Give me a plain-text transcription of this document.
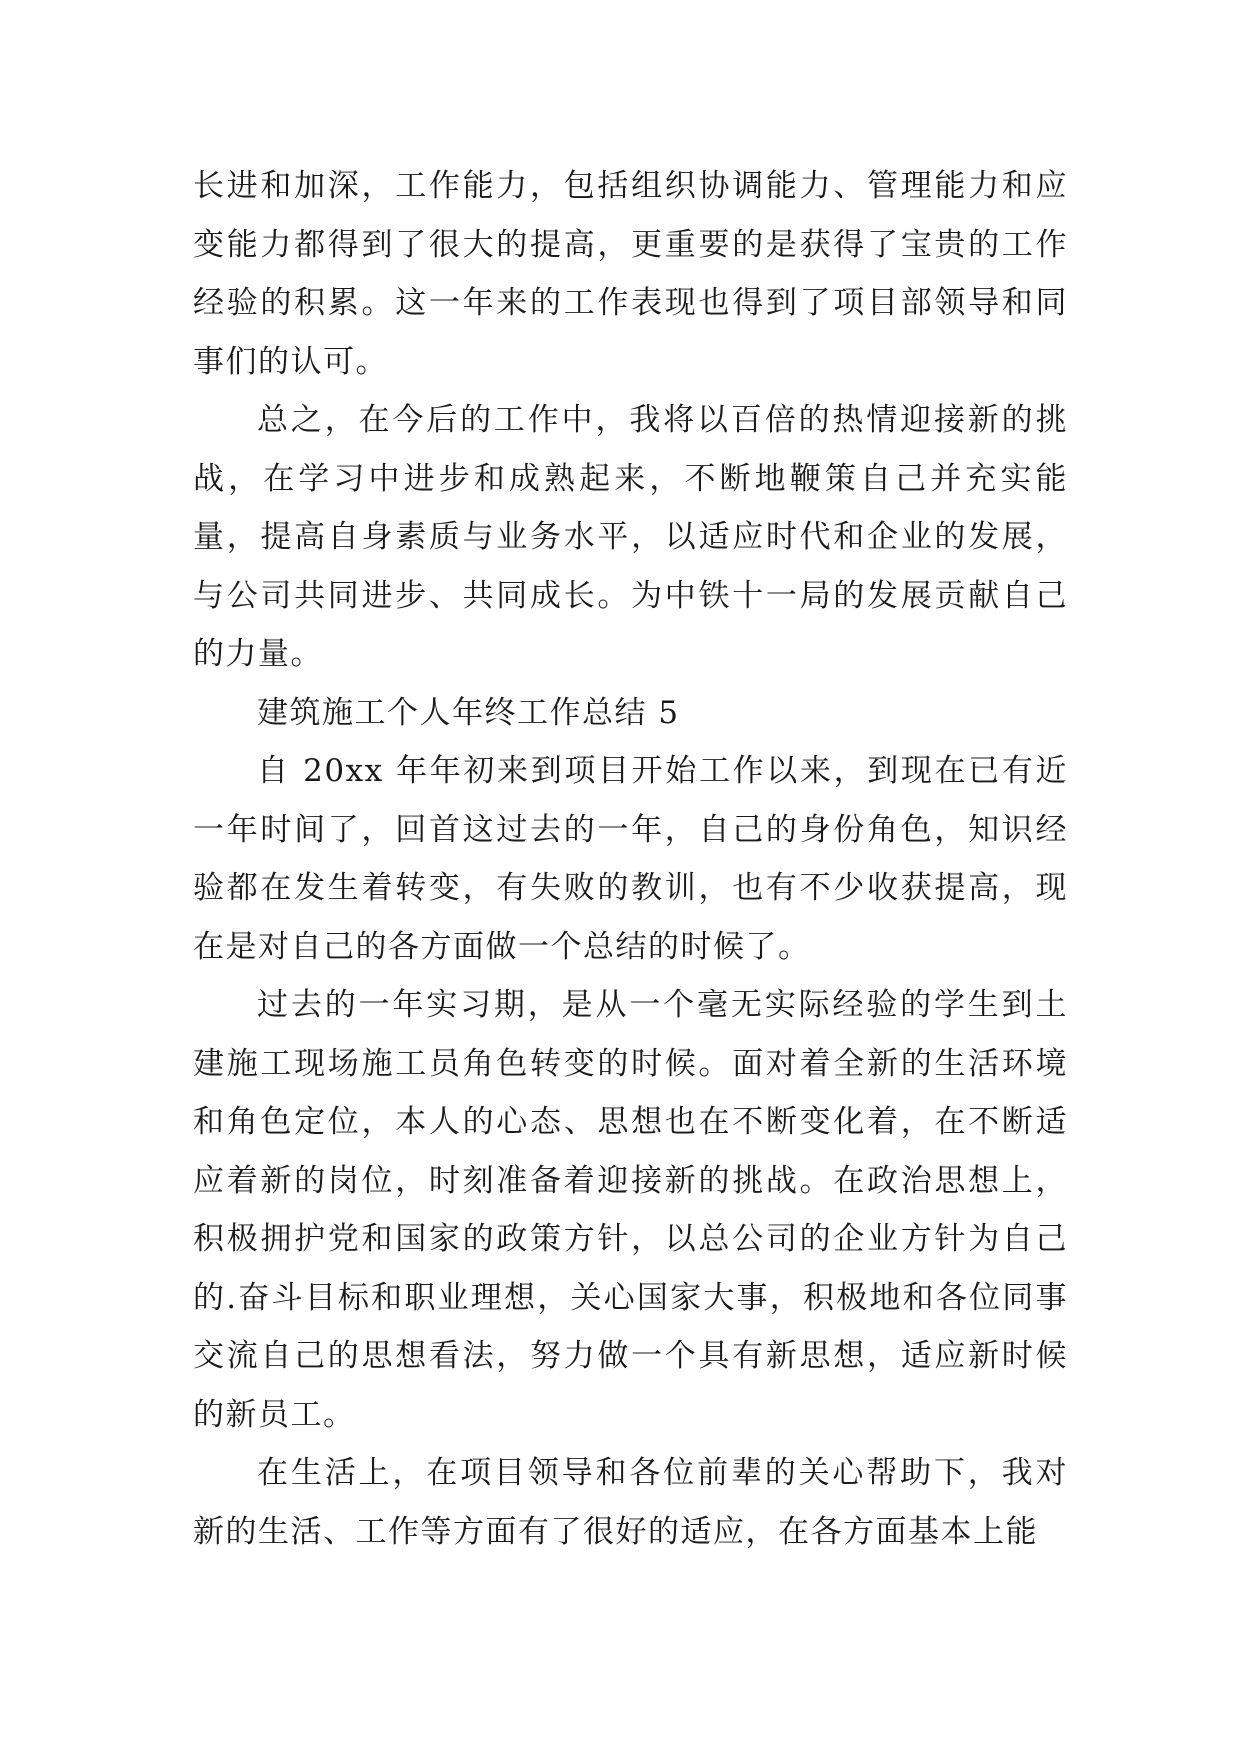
长进和加深，工作能力，包括组织协调能力、管理能力和应变能力都得到了很大的提高，更重要的是获得了宝贵的工作经验的积累。这一年来的工作表现也得到了项目部领导和同事们的认可。

总之，在今后的工作中，我将以百倍的热情迎接新的挑战，在学习中进步和成熟起来，不断地鞭策自己并充实能量，提高自身素质与业务水平，以适应时代和企业的发展，与公司共同进步、共同成长。为中铁十一局的发展贡献自己的力量。

建筑施工个人年终工作总结 5

自 20xx 年年初来到项目开始工作以来，到现在已有近一年时间了，回首这过去的一年，自己的身份角色，知识经验都在发生着转变，有失败的教训，也有不少收获提高，现在是对自己的各方面做一个总结的时候了。

过去的一年实习期，是从一个毫无实际经验的学生到土建施工现场施工员角色转变的时候。面对着全新的生活环境和角色定位，本人的心态、思想也在不断变化着，在不断适应着新的岗位，时刻准备着迎接新的挑战。在政治思想上，积极拥护党和国家的政策方针，以总公司的企业方针为自己的.奋斗目标和职业理想，关心国家大事，积极地和各位同事交流自己的思想看法，努力做一个具有新思想，适应新时候的新员工。

在生活上，在项目领导和各位前辈的关心帮助下，我对新的生活、工作等方面有了很好的适应，在各方面基本上能
